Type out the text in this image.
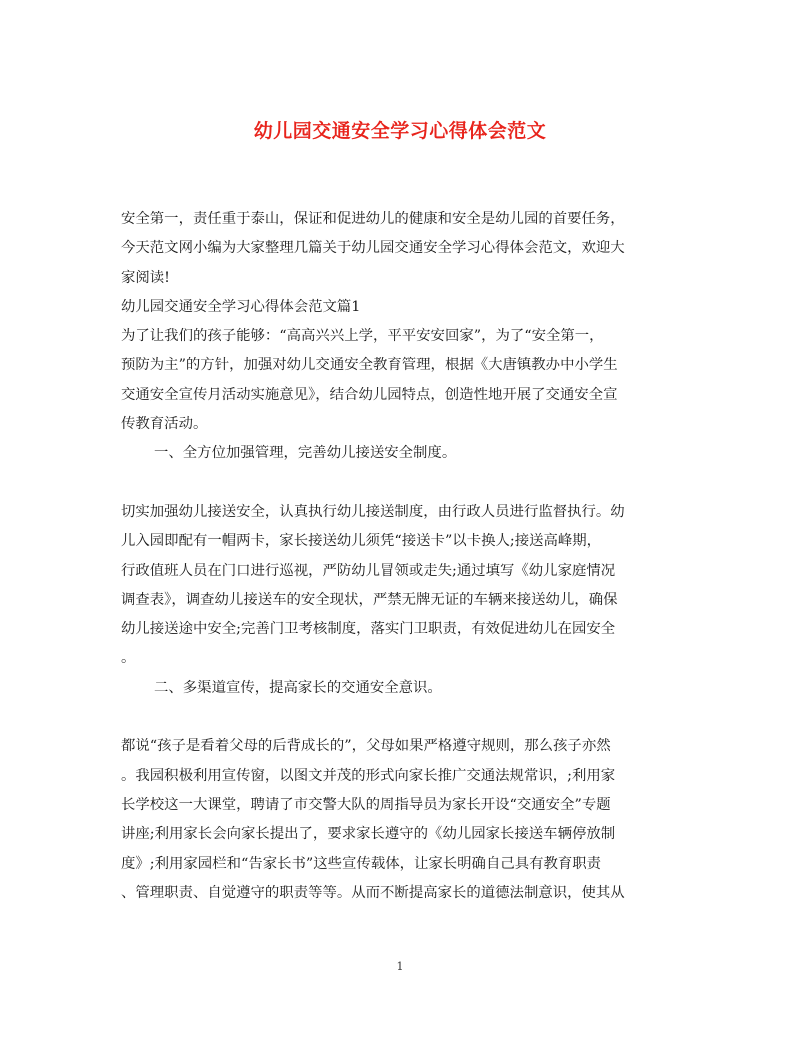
幼儿园交通安全学习心得体会范文
安全第一，责任重于泰山，保证和促进幼儿的健康和安全是幼儿园的首要任务，
今天范文网小编为大家整理几篇关于幼儿园交通安全学习心得体会范文，欢迎大
家阅读!
幼儿园交通安全学习心得体会范文篇1
为了让我们的孩子能够：“高高兴兴上学，平平安安回家”，为了“安全第一，
预防为主”的方针，加强对幼儿交通安全教育管理，根据《大唐镇教办中小学生
交通安全宣传月活动实施意见》，结合幼儿园特点，创造性地开展了交通安全宣
传教育活动。
一、全方位加强管理，完善幼儿接送安全制度。
切实加强幼儿接送安全，认真执行幼儿接送制度，由行政人员进行监督执行。幼
儿入园即配有一帽两卡，家长接送幼儿须凭“接送卡”以卡换人;接送高峰期，
行政值班人员在门口进行巡视，严防幼儿冒领或走失;通过填写《幼儿家庭情况
调查表》，调查幼儿接送车的安全现状，严禁无牌无证的车辆来接送幼儿，确保
幼儿接送途中安全;完善门卫考核制度，落实门卫职责，有效促进幼儿在园安全
。
二、多渠道宣传，提高家长的交通安全意识。
都说“孩子是看着父母的后背成长的”，父母如果严格遵守规则，那么孩子亦然
。我园积极利用宣传窗，以图文并茂的形式向家长推广交通法规常识，;利用家
长学校这一大课堂，聘请了市交警大队的周指导员为家长开设“交通安全”专题
讲座;利用家长会向家长提出了，要求家长遵守的《幼儿园家长接送车辆停放制
度》;利用家园栏和“告家长书”这些宣传载体，让家长明确自己具有教育职责
、管理职责、自觉遵守的职责等等。从而不断提高家长的道德法制意识，使其从
1
